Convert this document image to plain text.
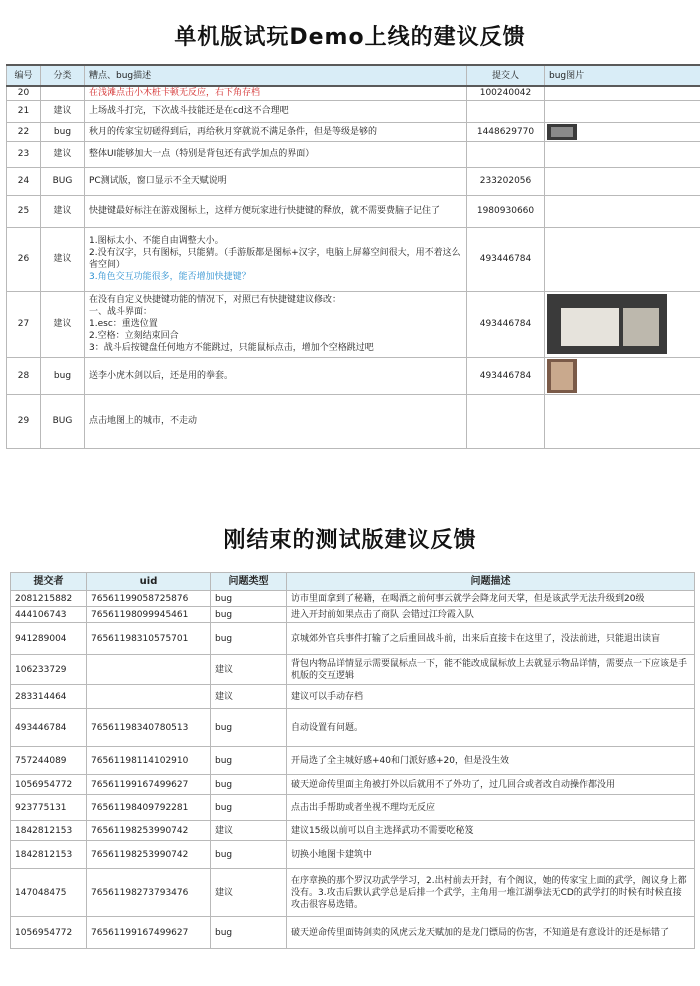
单机版试玩Demo上线的建议反馈
编号	分类	糟点、bug描述	提交人	bug图片
20		在浅滩点击小木桩卡顿无反应，右下角存档	100240042	
21	建议	上场战斗打完，下次战斗技能还是在cd这不合理吧		
22	bug	秋月的传家宝切磋得到后，再给秋月穿就说不满足条件，但是等级是够的	1448629770	
23	建议	整体UI能够加大一点（特别是背包还有武学加点的界面）		
24	BUG	PC测试版，窗口显示不全天赋说明	233202056	
25	建议	快捷键最好标注在游戏图标上，这样方便玩家进行快捷键的释放，就不需要费脑子记住了	1980930660	
26	建议	1.图标太小、不能自由调整大小。
2.没有汉字，只有图标，只能猜。（手游版都是图标+汉字，电脑上屏幕空间很大，用不着这么省空间）
3.角色交互功能很多，能否增加快捷键？	493446784	
27	建议	在没有自定义快捷键功能的情况下，对照已有快捷键建议修改：
一、战斗界面：
1.esc：重选位置
2.空格：立刻结束回合
3：战斗后按键盘任何地方不能跳过，只能鼠标点击，增加个空格跳过吧	493446784	
28	bug	送李小虎木剑以后，还是用的拳套。	493446784	
29	BUG	点击地图上的城市，不走动		
刚结束的测试版建议反馈
提交者	uid	问题类型	问题描述
2081215882	76561199058725876	bug	访市里面拿到了秘籍，在喝酒之前何事云就学会降龙问天掌，但是该武学无法升级到20级
444106743	76561198099945461	bug	进入开封前如果点击了商队 会错过江玲霞入队
941289004	76561198310575701	bug	京城郊外官兵事件打输了之后重回战斗前，出来后直接卡在这里了，没法前进，只能退出读盲
106233729		建议	背包内物品详情显示需要鼠标点一下，能不能改成鼠标放上去就显示物品详情，需要点一下应该是手机版的交互逻辑
283314464		建议	建议可以手动存档
493446784	76561198340780513	bug	自动设置有问题。
757244089	76561198114102910	bug	开局选了全主城好感+40和门派好感+20，但是没生效
1056954772	76561199167499627	bug	破天逆命传里面主角被打外以后就用不了外功了，过几回合或者改自动操作都没用
923775131	76561198409792281	bug	点击出手帮助或者坐视不理均无反应
1842812153	76561198253990742	建议	建议15级以前可以自主选择武功不需要吃秘笈
1842812153	76561198253990742	bug	切换小地图卡建筑中
147048475	76561198273793476	建议	在序章换的那个罗汉功武学学习，2.出村前去开封，有个阁议，她的传家宝上面的武学，阁议身上都没有。3.攻击后默认武学总是后排一个武学，主角用一堆江湖拳法无CD的武学打的时候有时候直接攻击很容易选错。
1056954772	76561199167499627	bug	破天逆命传里面铸剑卖的风虎云龙天赋加的是龙门镖局的伤害，不知道是有意设计的还是标错了
